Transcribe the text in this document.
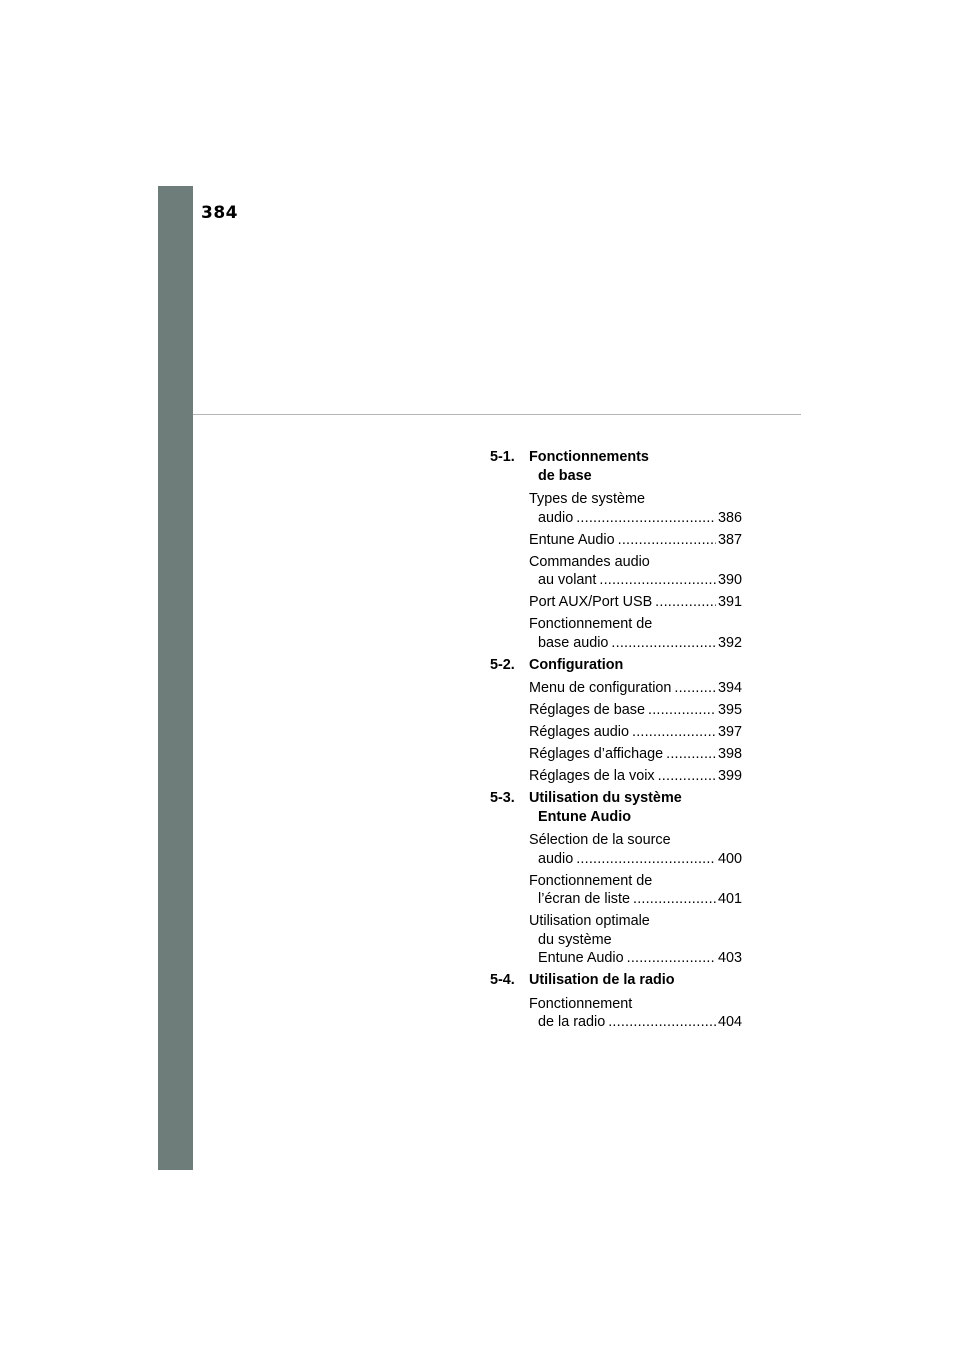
384
5-1. Fonctionnements
de base
Types de système
audio .....	386
Entune Audio .....	387
Commandes audio
au volant .....	390
Port AUX/Port USB .....	391
Fonctionnement de
base audio .....	392
5-2. Configuration
Menu de configuration .....	394
Réglages de base .....	395
Réglages audio .....	397
Réglages d’affichage .....	398
Réglages de la voix .....	399
5-3. Utilisation du système
Entune Audio
Sélection de la source
audio .....	400
Fonctionnement de
l’écran de liste .....	401
Utilisation optimale
du système
Entune Audio .....	403
5-4. Utilisation de la radio
Fonctionnement
de la radio .....	404
